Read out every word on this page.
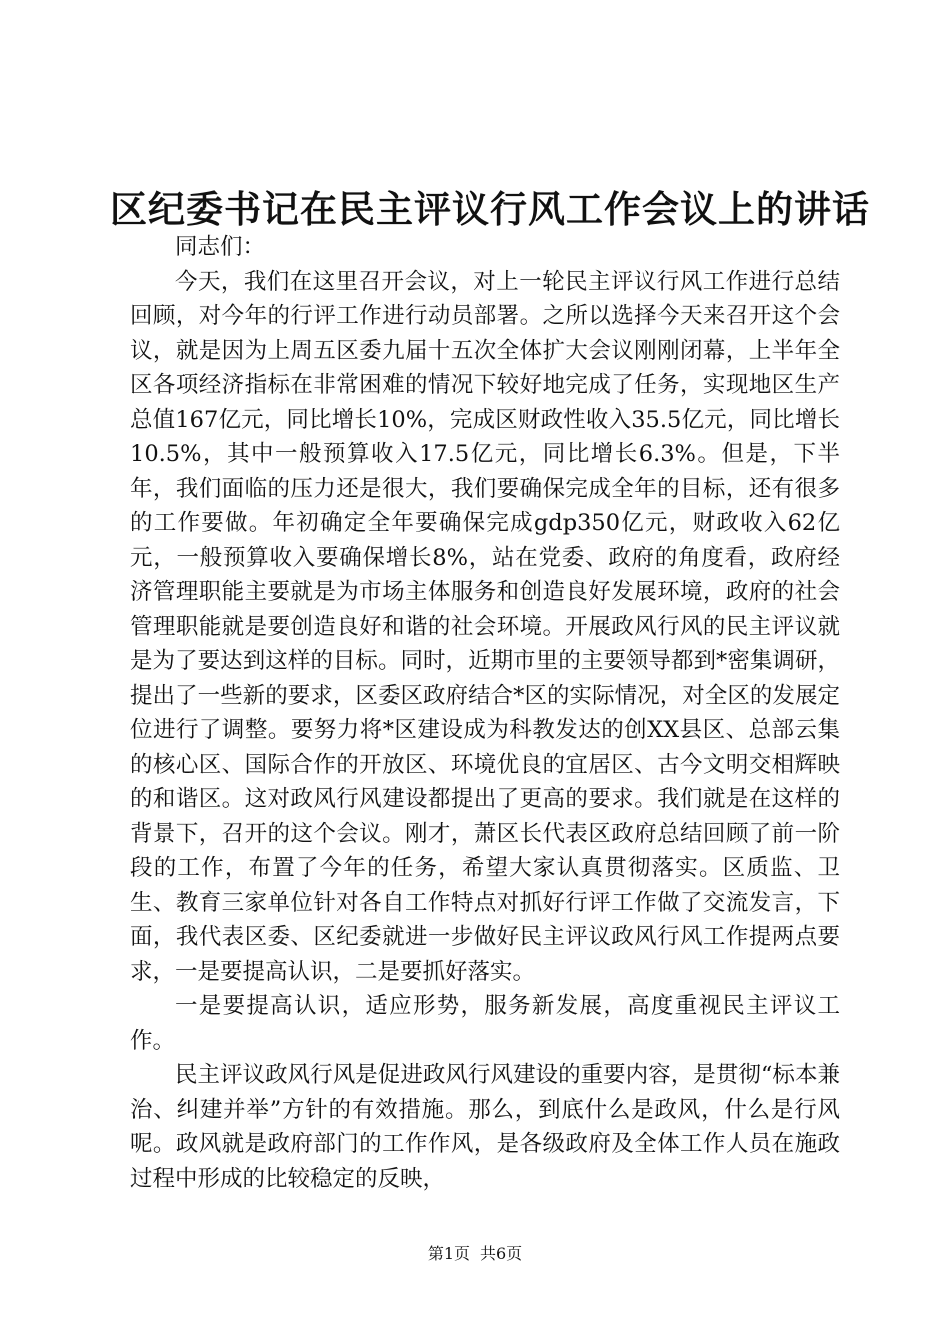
区纪委书记在民主评议行风工作会议上的讲话

同志们：

今天，我们在这里召开会议，对上一轮民主评议行风工作进行总结回顾，对今年的行评工作进行动员部署。之所以选择今天来召开这个会议，就是因为上周五区委九届十五次全体扩大会议刚刚闭幕，上半年全区各项经济指标在非常困难的情况下较好地完成了任务，实现地区生产总值167亿元，同比增长10%，完成区财政性收入35.5亿元，同比增长10.5%，其中一般预算收入17.5亿元，同比增长6.3%。但是，下半年，我们面临的压力还是很大，我们要确保完成全年的目标，还有很多的工作要做。年初确定全年要确保完成gdp350亿元，财政收入62亿元，一般预算收入要确保增长8%，站在党委、政府的角度看，政府经济管理职能主要就是为市场主体服务和创造良好发展环境，政府的社会管理职能就是要创造良好和谐的社会环境。开展政风行风的民主评议就是为了要达到这样的目标。同时，近期市里的主要领导都到*密集调研，提出了一些新的要求，区委区政府结合*区的实际情况，对全区的发展定位进行了调整。要努力将*区建设成为科教发达的创XX县区、总部云集的核心区、国际合作的开放区、环境优良的宜居区、古今文明交相辉映的和谐区。这对政风行风建设都提出了更高的要求。我们就是在这样的背景下，召开的这个会议。刚才，萧区长代表区政府总结回顾了前一阶段的工作，布置了今年的任务，希望大家认真贯彻落实。区质监、卫生、教育三家单位针对各自工作特点对抓好行评工作做了交流发言，下面，我代表区委、区纪委就进一步做好民主评议政风行风工作提两点要求，一是要提高认识，二是要抓好落实。

一是要提高认识，适应形势，服务新发展，高度重视民主评议工作。

民主评议政风行风是促进政风行风建设的重要内容，是贯彻“标本兼治、纠建并举”方针的有效措施。那么，到底什么是政风，什么是行风呢。政风就是政府部门的工作作风，是各级政府及全体工作人员在施政过程中形成的比较稳定的反映，

第1页 共6页
